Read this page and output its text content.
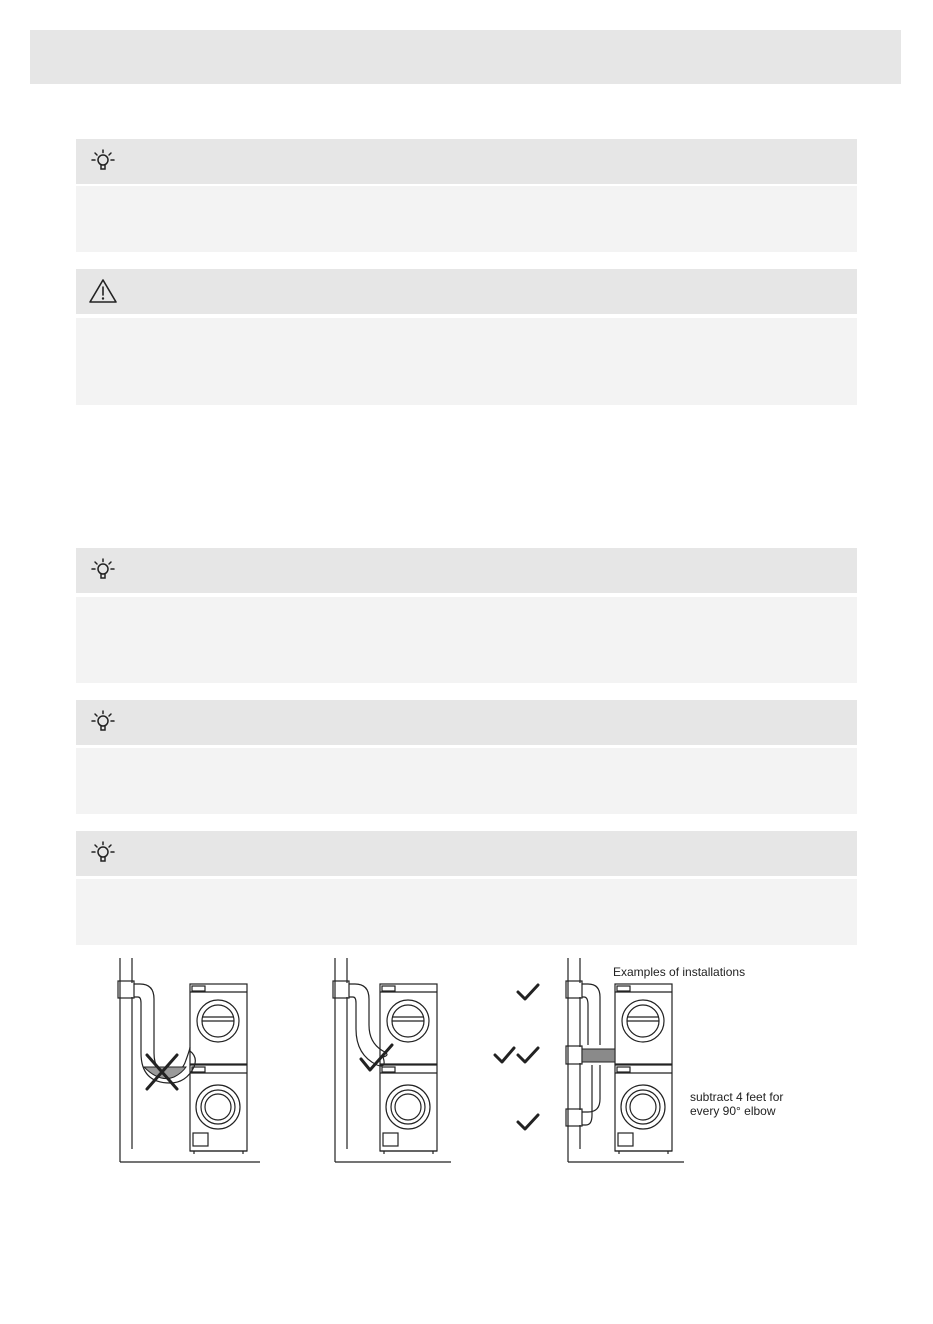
Examples of installations
subtract 4 feet for
every 90° elbow
